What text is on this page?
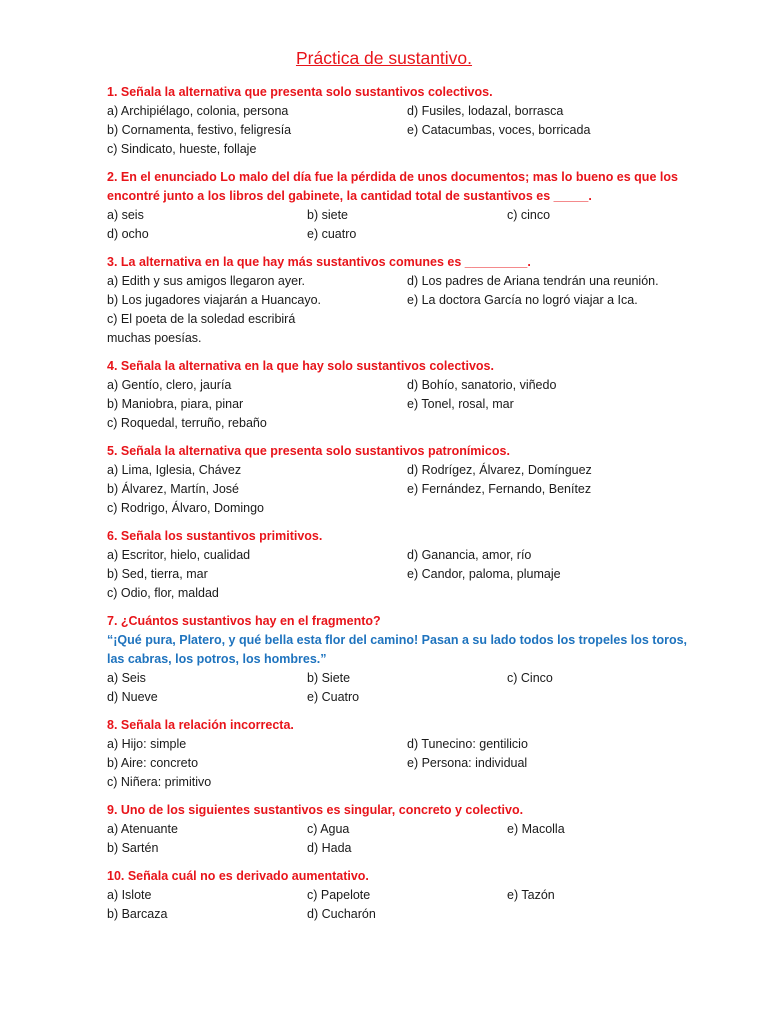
Práctica de sustantivo.
1. Señala la alternativa que presenta solo sustantivos colectivos.
a) Archipiélago, colonia, persona	d) Fusiles, lodazal, borrasca
b) Cornamenta, festivo, feligresía	e) Catacumbas, voces, borricada
c) Sindicato, hueste, follaje
2. En el enunciado Lo malo del día fue la pérdida de unos documentos; mas lo bueno es que los encontré junto a los libros del gabinete, la cantidad total de sustantivos es _____.
a) seis	b) siete	c) cinco
d) ocho	e) cuatro
3. La alternativa en la que hay más sustantivos comunes es _________.
a) Edith y sus amigos llegaron ayer.	d) Los padres de Ariana tendrán una reunión.
b) Los jugadores viajarán a Huancayo.	e) La doctora García no logró viajar a Ica.
c) El poeta de la soledad escribirá muchas poesías.
4. Señala la alternativa en la que hay solo sustantivos colectivos.
a) Gentío, clero, jauría	d) Bohío, sanatorio, viñedo
b) Maniobra, piara, pinar	e) Tonel, rosal, mar
c) Roquedal, terruño, rebaño
5. Señala la alternativa que presenta solo sustantivos patronímicos.
a) Lima, Iglesia, Chávez	d) Rodrígez, Álvarez, Domínguez
b) Álvarez, Martín, José	e) Fernández, Fernando, Benítez
c) Rodrigo, Álvaro, Domingo
6. Señala los sustantivos primitivos.
a) Escritor, hielo, cualidad	d) Ganancia, amor, río
b) Sed, tierra, mar	e) Candor, paloma, plumaje
c) Odio, flor, maldad
7. ¿Cuántos sustantivos hay en el fragmento?
“¡Qué pura, Platero, y qué bella esta flor del camino! Pasan a su lado todos los tropeles los toros, las cabras, los potros, los hombres.”
a) Seis	b) Siete	c) Cinco
d) Nueve	e) Cuatro
8. Señala la relación incorrecta.
a) Hijo: simple	d) Tunecino: gentilicio
b) Aire: concreto	e) Persona: individual
c) Niñera: primitivo
9. Uno de los siguientes sustantivos es singular, concreto y colectivo.
a) Atenuante	c) Agua	e) Macolla
b) Sartén	d) Hada
10. Señala cuál no es derivado aumentativo.
a) Islote	c) Papelote	e) Tazón
b) Barcaza	d) Cucharón
